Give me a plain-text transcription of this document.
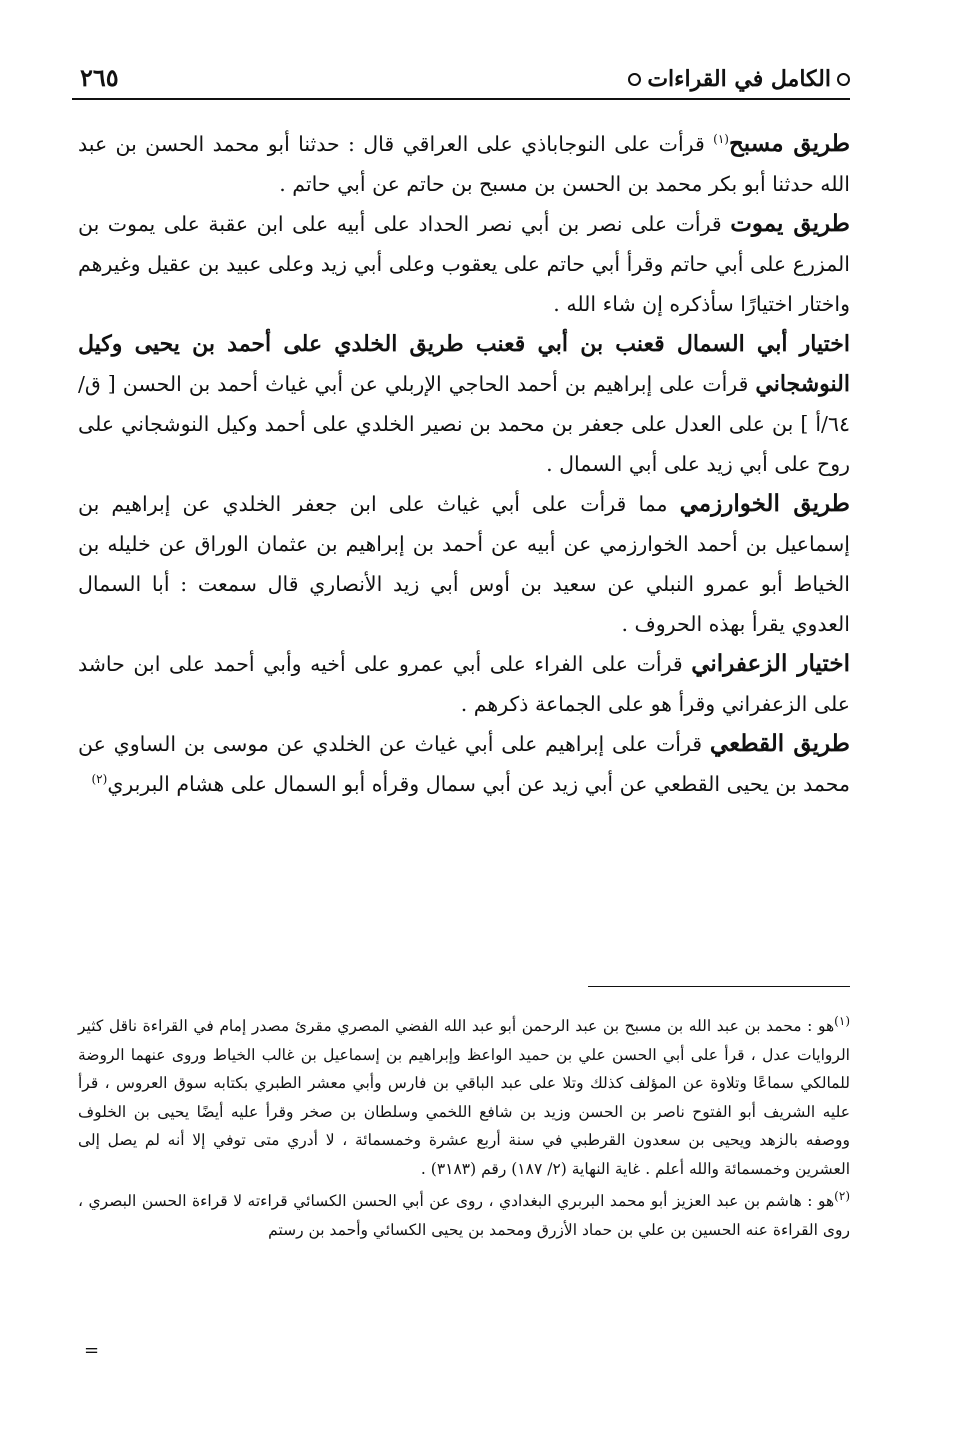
٢٦٥	الكامل في القراءات

طريق مسبح$^{(١)}$ قرأت على النوجاباذي على العراقي قال : حدثنا أبو محمد الحسن بن عبد الله حدثنا أبو بكر محمد بن الحسن بن مسبح بن حاتم عن أبي حاتم .

طريق يموت قرأت على نصر بن أبي نصر الحداد على أبيه على ابن عقبة على يموت بن المزرع على أبي حاتم وقرأ أبي حاتم على يعقوب وعلى أبي زيد وعلى عبيد بن عقيل وغيرهم واختار اختيارًا سأذكره إن شاء الله .

اختيار أبي السمال قعنب بن أبي قعنب طريق الخلدي على أحمد بن يحيى وكيل النوشجاني قرأت على إبراهيم بن أحمد الحاجي الإربلي عن أبي غياث أحمد بن الحسن [ ق/ ٦٤/أ ] بن على العدل على جعفر بن محمد بن نصير الخلدي على أحمد وكيل النوشجاني على روح على أبي زيد على أبي السمال .

طريق الخوارزمي مما قرأت على أبي غياث على ابن جعفر الخلدي عن إبراهيم بن إسماعيل بن أحمد الخوارزمي عن أبيه عن أحمد بن إبراهيم بن عثمان الوراق عن خليله بن الخياط أبو عمرو النبلي عن سعيد بن أوس أبي زيد الأنصاري قال سمعت : أبا السمال العدوي يقرأ بهذه الحروف .

اختيار الزعفراني قرأت على الفراء على أبي عمرو على أخيه وأبي أحمد على ابن حاشد على الزعفراني وقرأ هو على الجماعة ذكرهم .

طريق القطعي قرأت على إبراهيم على أبي غياث عن الخلدي عن موسى بن الساوي عن محمد بن يحيى القطعي عن أبي زيد عن أبي سمال وقرأه أبو السمال على هشام البربري$^{(٢)}$

$^{(١)}$هو : محمد بن عبد الله بن مسبح بن عبد الرحمن أبو عبد الله الفضي المصري مقرئ مصدر إمام في القراءة ناقل كثير الروايات عدل ، قرأ على أبي الحسن علي بن حميد الواعظ وإبراهيم بن إسماعيل بن غالب الخياط وروى عنهما الروضة للمالكي سماعًا وتلاوة عن المؤلف كذلك وتلا على عبد الباقي بن فارس وأبي معشر الطبري بكتابه سوق العروس ، قرأ عليه الشريف أبو الفتوح ناصر بن الحسن وزيد بن شافع اللخمي وسلطان بن صخر وقرأ عليه أيضًا يحيى بن الخلوف ووصفه بالزهد ويحيى بن سعدون القرطبي في سنة أربع عشرة وخمسمائة ، لا أدري متى توفي إلا أنه لم يصل إلى العشرين وخمسمائة والله أعلم . غاية النهاية (٢/ ١٨٧) رقم (٣١٨٣) .

$^{(٢)}$هو : هاشم بن عبد العزيز أبو محمد البربري البغدادي ، روى عن أبي الحسن الكسائي قراءته لا قراءة الحسن البصري ، روى القراءة عنه الحسين بن علي بن حماد الأزرق ومحمد بن يحيى الكسائي وأحمد بن رستم

=
